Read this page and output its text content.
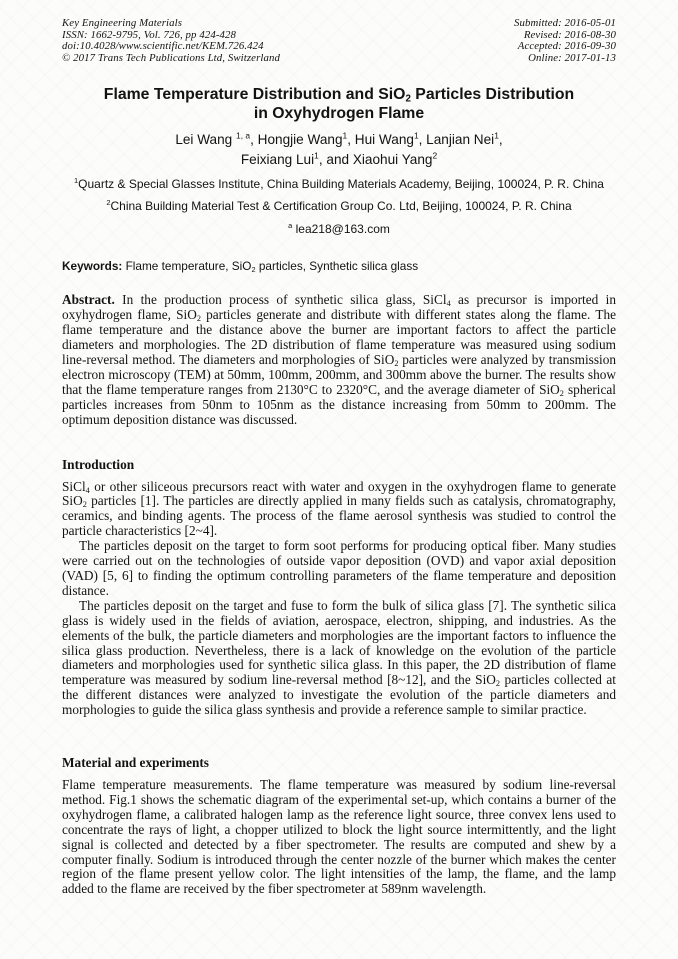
Key Engineering Materials
ISSN: 1662-9795, Vol. 726, pp 424-428
doi:10.4028/www.scientific.net/KEM.726.424
© 2017 Trans Tech Publications Ltd, Switzerland
Submitted: 2016-05-01
Revised: 2016-08-30
Accepted: 2016-09-30
Online: 2017-01-13
Flame Temperature Distribution and SiO$_2$ Particles Distribution
in Oxyhydrogen Flame
Lei Wang $^{1, a}$, Hongjie Wang$^1$, Hui Wang$^1$, Lanjian Nei$^1$,
Feixiang Lui$^1$, and Xiaohui Yang$^2$
$^1$Quartz & Special Glasses Institute, China Building Materials Academy, Beijing, 100024, P. R. China
$^2$China Building Material Test & Certification Group Co. Ltd, Beijing, 100024, P. R. China
$^a$ lea218@163.com
Keywords: Flame temperature, SiO$_2$ particles, Synthetic silica glass
Abstract. In the production process of synthetic silica glass, SiCl$_4$ as precursor is imported in oxyhydrogen flame, SiO$_2$ particles generate and distribute with different states along the flame. The flame temperature and the distance above the burner are important factors to affect the particle diameters and morphologies. The 2D distribution of flame temperature was measured using sodium line-reversal method. The diameters and morphologies of SiO$_2$ particles were analyzed by transmission electron microscopy (TEM) at 50mm, 100mm, 200mm, and 300mm above the burner. The results show that the flame temperature ranges from 2130°C to 2320°C, and the average diameter of SiO$_2$ spherical particles increases from 50nm to 105nm as the distance increasing from 50mm to 200mm. The optimum deposition distance was discussed.
Introduction

SiCl$_4$ or other siliceous precursors react with water and oxygen in the oxyhydrogen flame to generate SiO$_2$ particles [1]. The particles are directly applied in many fields such as catalysis, chromatography, ceramics, and binding agents. The process of the flame aerosol synthesis was studied to control the particle characteristics [2~4].

The particles deposit on the target to form soot performs for producing optical fiber. Many studies were carried out on the technologies of outside vapor deposition (OVD) and vapor axial deposition (VAD) [5, 6] to finding the optimum controlling parameters of the flame temperature and deposition distance.

The particles deposit on the target and fuse to form the bulk of silica glass [7]. The synthetic silica glass is widely used in the fields of aviation, aerospace, electron, shipping, and industries. As the elements of the bulk, the particle diameters and morphologies are the important factors to influence the silica glass production. Nevertheless, there is a lack of knowledge on the evolution of the particle diameters and morphologies used for synthetic silica glass. In this paper, the 2D distribution of flame temperature was measured by sodium line-reversal method [8~12], and the SiO$_2$ particles collected at the different distances were analyzed to investigate the evolution of the particle diameters and morphologies to guide the silica glass synthesis and provide a reference sample to similar practice.

Material and experiments

Flame temperature measurements. The flame temperature was measured by sodium line-reversal method. Fig.1 shows the schematic diagram of the experimental set-up, which contains a burner of the oxyhydrogen flame, a calibrated halogen lamp as the reference light source, three convex lens used to concentrate the rays of light, a chopper utilized to block the light source intermittently, and the light signal is collected and detected by a fiber spectrometer. The results are computed and shew by a computer finally. Sodium is introduced through the center nozzle of the burner which makes the center region of the flame present yellow color. The light intensities of the lamp, the flame, and the lamp added to the flame are received by the fiber spectrometer at 589nm wavelength.
